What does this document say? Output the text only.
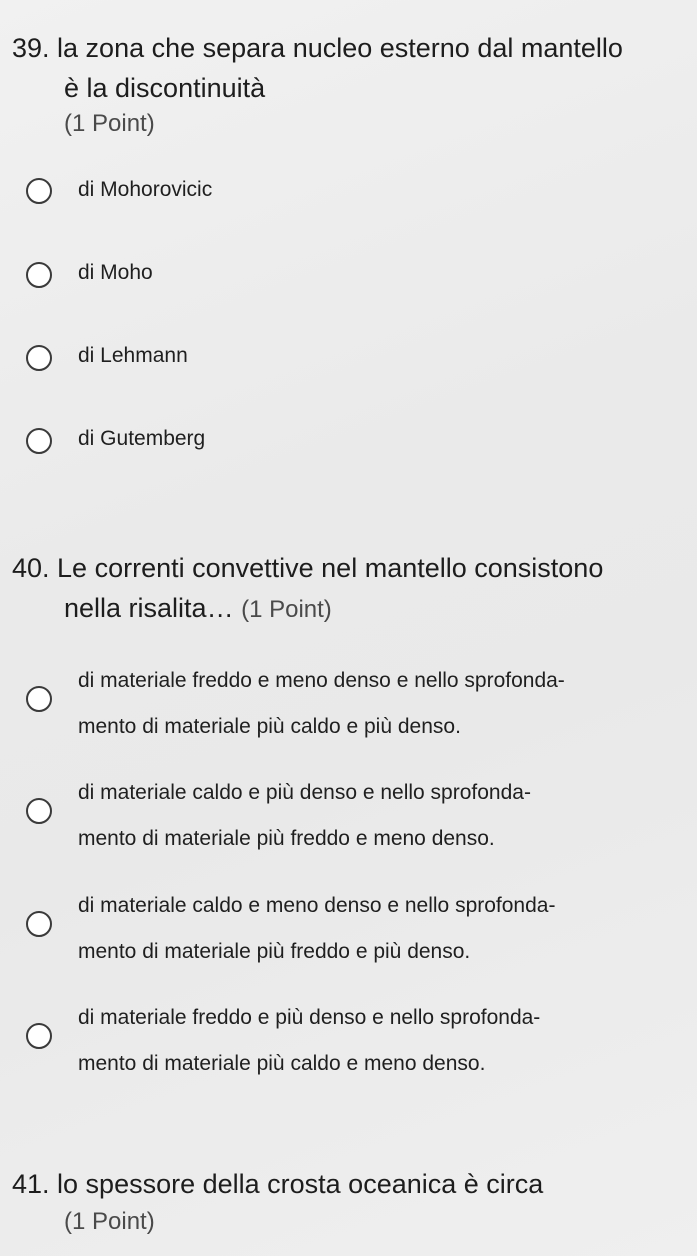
39. la zona che separa nucleo esterno dal mantello
è la discontinuità
(1 Point)
di Mohorovicic
di Moho
di Lehmann
di Gutemberg
40. Le correnti convettive nel mantello consistono
nella risalita… (1 Point)
di materiale freddo e meno denso e nello sprofonda-
mento di materiale più caldo e più denso.
di materiale caldo e più denso e nello sprofonda-
mento di materiale più freddo e meno denso.
di materiale caldo e meno denso e nello sprofonda-
mento di materiale più freddo e più denso.
di materiale freddo e più denso e nello sprofonda-
mento di materiale più caldo e meno denso.
41. lo spessore della crosta oceanica è circa
(1 Point)
